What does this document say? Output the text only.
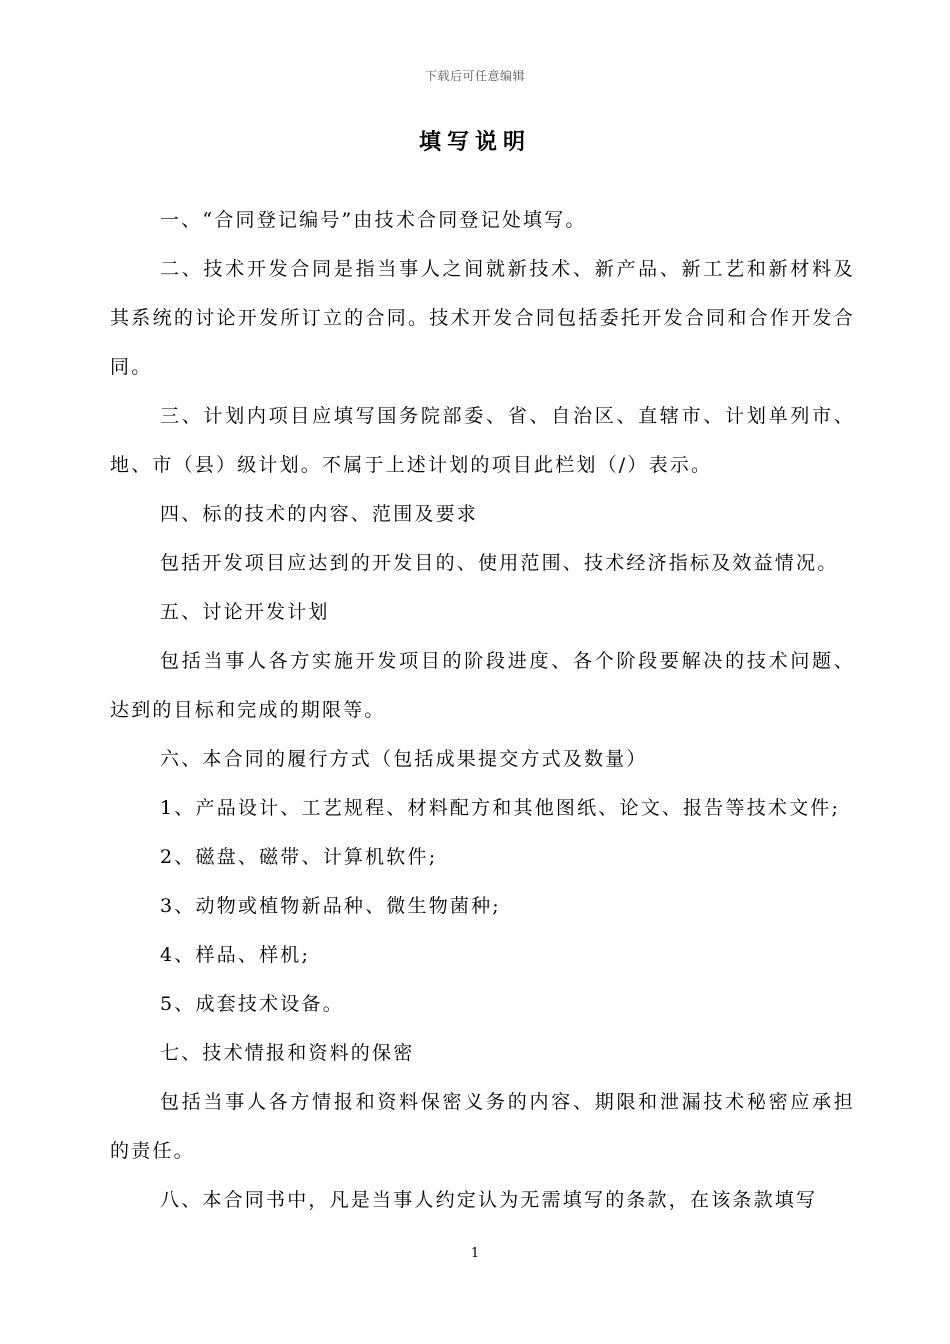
下载后可任意编辑
填写说明

一、“合同登记编号”由技术合同登记处填写。

二、技术开发合同是指当事人之间就新技术、新产品、新工艺和新材料及其系统的讨论开发所订立的合同。技术开发合同包括委托开发合同和合作开发合同。

三、计划内项目应填写国务院部委、省、自治区、直辖市、计划单列市、地、市（县）级计划。不属于上述计划的项目此栏划（/）表示。

四、标的技术的内容、范围及要求

包括开发项目应达到的开发目的、使用范围、技术经济指标及效益情况。

五、讨论开发计划

包括当事人各方实施开发项目的阶段进度、各个阶段要解决的技术问题、达到的目标和完成的期限等。

六、本合同的履行方式（包括成果提交方式及数量）

1、产品设计、工艺规程、材料配方和其他图纸、论文、报告等技术文件;

2、磁盘、磁带、计算机软件;

3、动物或植物新品种、微生物菌种;

4、样品、样机;

5、成套技术设备。

七、技术情报和资料的保密

包括当事人各方情报和资料保密义务的内容、期限和泄漏技术秘密应承担的责任。

八、本合同书中，凡是当事人约定认为无需填写的条款，在该条款填写

1
